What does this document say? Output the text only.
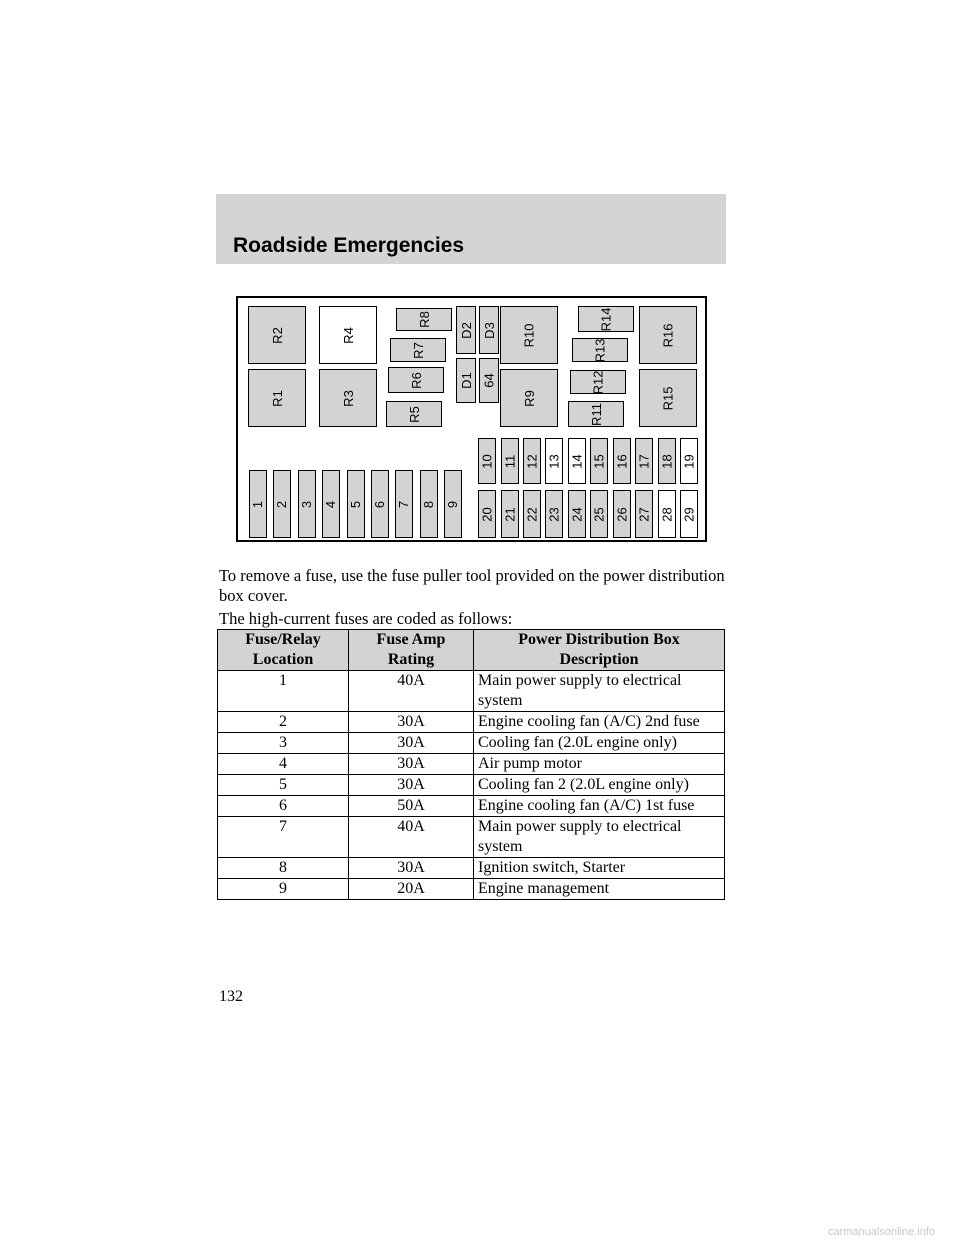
Roadside Emergencies
R2
R1
R4
R3
R8
R7
R6
R5
D2
D1
D3
64
R10
R9
R14
R13
R12
R11
R16
R15
1 2 3 4 5 6 7 8 9
10 11 12 13 14 15 16 17 18 19
20 21 22 23 24 25 26 27 28 29
To remove a fuse, use the fuse puller tool provided on the power distribution box cover.
The high-current fuses are coded as follows:
Fuse/Relay Location	Fuse Amp Rating	Power Distribution Box Description
1	40A	Main power supply to electrical system
2	30A	Engine cooling fan (A/C) 2nd fuse
3	30A	Cooling fan (2.0L engine only)
4	30A	Air pump motor
5	30A	Cooling fan 2 (2.0L engine only)
6	50A	Engine cooling fan (A/C) 1st fuse
7	40A	Main power supply to electrical system
8	30A	Ignition switch, Starter
9	20A	Engine management
132
carmanualsonline.info
